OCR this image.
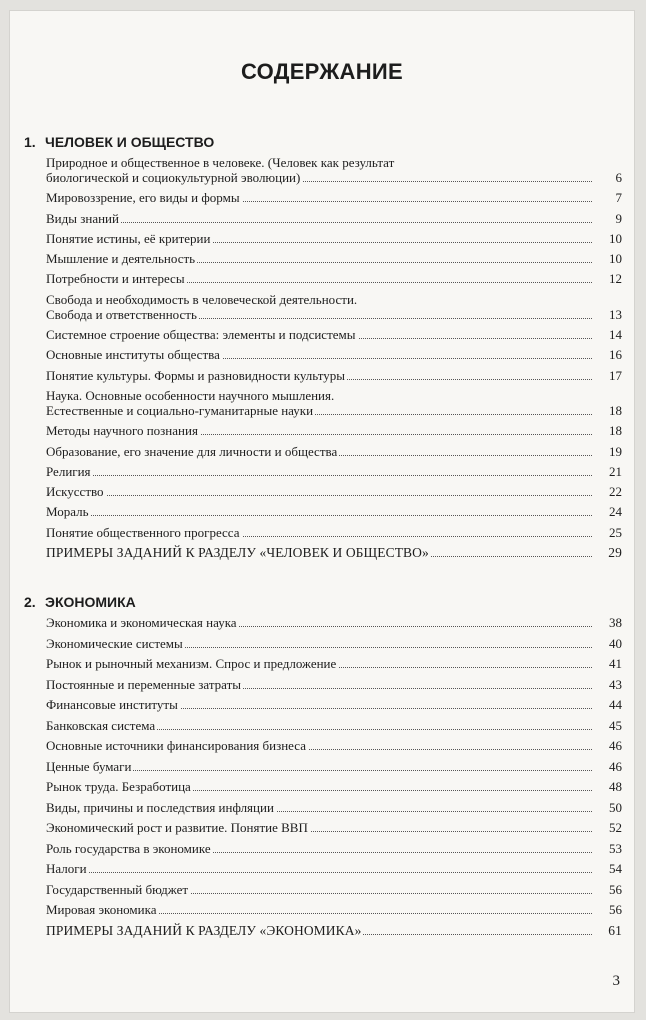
СОДЕРЖАНИЕ
1. ЧЕЛОВЕК И ОБЩЕСТВО
Природное и общественное в человеке. (Человек как результат
биологической и социокультурной эволюции)	6
Мировоззрение, его виды и формы	7
Виды знаний	9
Понятие истины, её критерии	10
Мышление и деятельность	10
Потребности и интересы	12
Свобода и необходимость в человеческой деятельности.
Свобода и ответственность	13
Системное строение общества: элементы и подсистемы	14
Основные институты общества	16
Понятие культуры. Формы и разновидности культуры	17
Наука. Основные особенности научного мышления.
Естественные и социально-гуманитарные науки	18
Методы научного познания	18
Образование, его значение для личности и общества	19
Религия	21
Искусство	22
Мораль	24
Понятие общественного прогресса	25
ПРИМЕРЫ ЗАДАНИЙ К РАЗДЕЛУ «ЧЕЛОВЕК И ОБЩЕСТВО»	29
2. ЭКОНОМИКА
Экономика и экономическая наука	38
Экономические системы	40
Рынок и рыночный механизм. Спрос и предложение	41
Постоянные и переменные затраты	43
Финансовые институты	44
Банковская система	45
Основные источники финансирования бизнеса	46
Ценные бумаги	46
Рынок труда. Безработица	48
Виды, причины и последствия инфляции	50
Экономический рост и развитие. Понятие ВВП	52
Роль государства в экономике	53
Налоги	54
Государственный бюджет	56
Мировая экономика	56
ПРИМЕРЫ ЗАДАНИЙ К РАЗДЕЛУ «ЭКОНОМИКА»	61
3
